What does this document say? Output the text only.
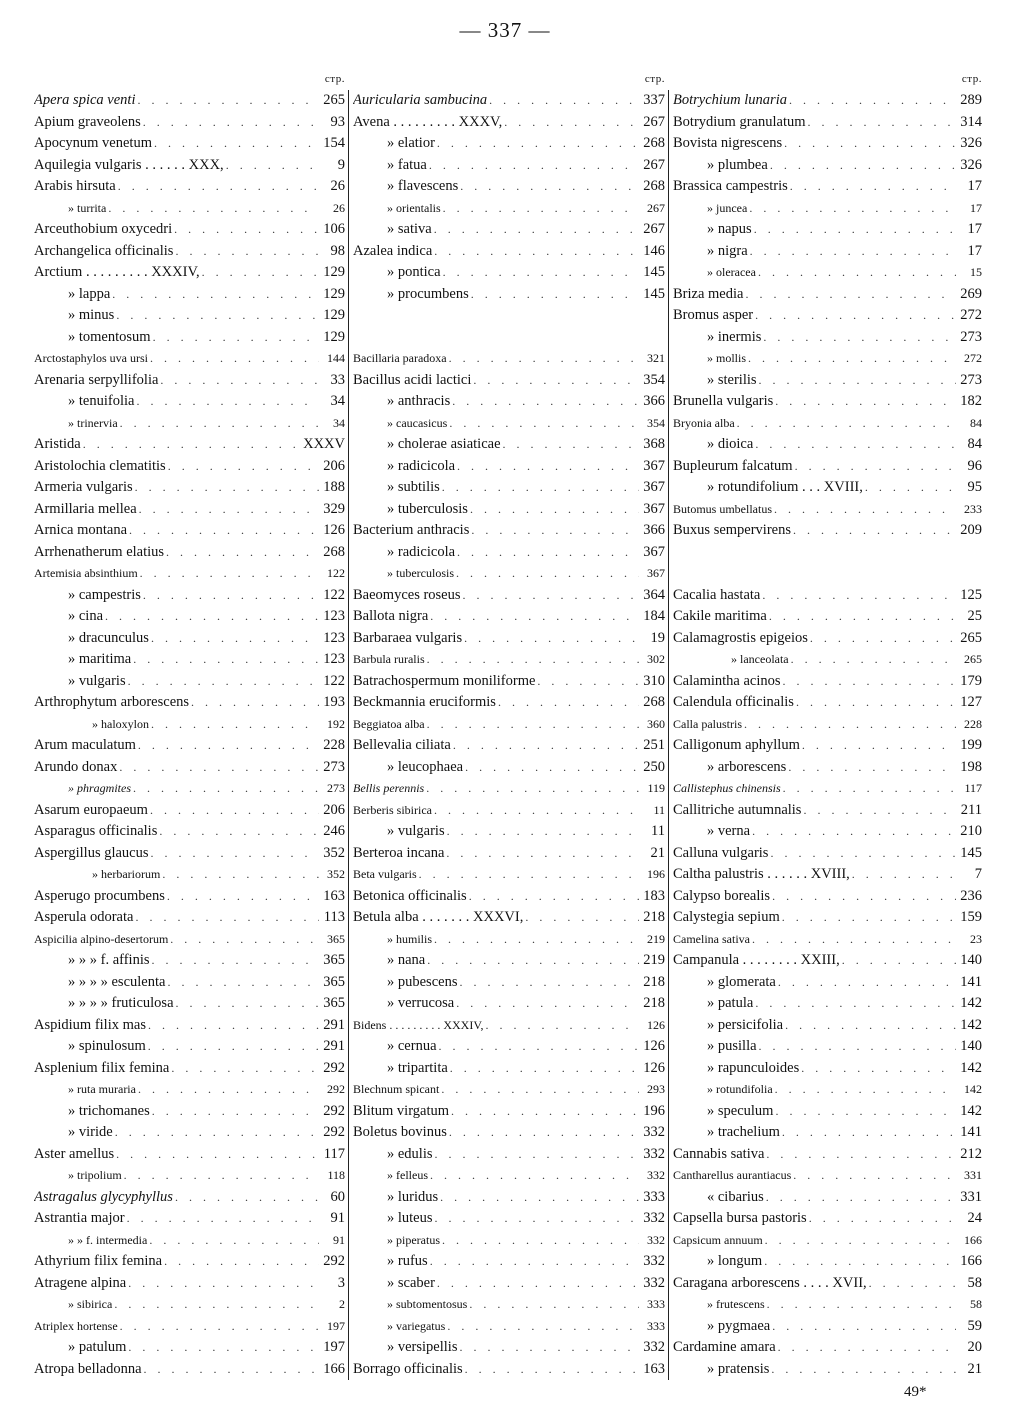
— 337 —
стр.
Apera spica venti . . .	265
Apium graveolens . . .	93
Apocynum venetum . . .	154
Aquilegia vulgaris . . . . . . XXX, . . .	9
Arabis hirsuta . . .	26
» turrita . . .	26
Arceuthobium oxycedri . . .	106
Archangelica officinalis . . .	98
Arctium . . . . . . . . . XXXIV, . . .	129
» lappa . . .	129
» minus . . .	129
» tomentosum . . .	129
Arctostaphylos uva ursi . . .	144
Arenaria serpyllifolia . . .	33
» tenuifolia . . .	34
» trinervia . . .	34
Aristida . . .	XXXV
Aristolochia clematitis . . .	206
Armeria vulgaris . . .	188
Armillaria mellea . . .	329
Arnica montana . . .	126
Arrhenatherum elatius . . .	268
Artemisia absinthium . . .	122
» campestris . . .	122
» cina . . .	123
» dracunculus . . .	123
» maritima . . .	123
» vulgaris . . .	122
Arthrophytum arborescens . . .	193
» haloxylon . . .	192
Arum maculatum . . .	228
Arundo donax . . .	273
» phragmites . . .	273
Asarum europaeum . . .	206
Asparagus officinalis . . .	246
Aspergillus glaucus . . .	352
» herbariorum . . .	352
Asperugo procumbens . . .	163
Asperula odorata . . .	113
Aspicilia alpino-desertorum . . .	365
» » » f. affinis . . .	365
» » » » esculenta . . .	365
» » » » fruticulosa . . .	365
Aspidium filix mas . . .	291
» spinulosum . . .	291
Asplenium filix femina . . .	292
» ruta muraria . . .	292
» trichomanes . . .	292
» viride . . .	292
Aster amellus . . .	117
» tripolium . . .	118
Astragalus glycyphyllus . . .	60
Astrantia major . . .	91
» » f. intermedia . . .	91
Athyrium filix femina . . .	292
Atragene alpina . . .	3
» sibirica . . .	2
Atriplex hortense . . .	197
» patulum . . .	197
Atropa belladonna . . .	166
стр.
Auricularia sambucina . . .	337
Avena . . . . . . . . . XXXV, . . .	267
» elatior . . .	268
» fatua . . .	267
» flavescens . . .	268
» orientalis . . .	267
» sativa . . .	267
Azalea indica . . .	146
» pontica . . .	145
» procumbens . . .	145
Bacillaria paradoxa . . .	321
Bacillus acidi lactici . . .	354
» anthracis . . .	366
» caucasicus . . .	354
» cholerae asiaticae . . .	368
» radicicola . . .	367
» subtilis . . .	367
» tuberculosis . . .	367
Bacterium anthracis . . .	366
» radicicola . . .	367
» tuberculosis . . .	367
Baeomyces roseus . . .	364
Ballota nigra . . .	184
Barbaraea vulgaris . . .	19
Barbula ruralis . . .	302
Batrachospermum moniliforme . . .	310
Beckmannia eruciformis . . .	268
Beggiatoa alba . . .	360
Bellevalia ciliata . . .	251
» leucophaea . . .	250
Bellis perennis . . .	119
Berberis sibirica . . .	11
» vulgaris . . .	11
Berteroa incana . . .	21
Beta vulgaris . . .	196
Betonica officinalis . . .	183
Betula alba . . . . . . . XXXVI, . . .	218
» humilis . . .	219
» nana . . .	219
» pubescens . . .	218
» verrucosa . . .	218
Bidens . . . . . . . . . XXXIV, . . .	126
» cernua . . .	126
» tripartita . . .	126
Blechnum spicant . . .	293
Blitum virgatum . . .	196
Boletus bovinus . . .	332
» edulis . . .	332
» felleus . . .	332
» luridus . . .	333
» luteus . . .	332
» piperatus . . .	332
» rufus . . .	332
» scaber . . .	332
» subtomentosus . . .	333
» variegatus . . .	333
» versipellis . . .	332
Borrago officinalis . . .	163
стр.
Botrychium lunaria . . .	289
Botrydium granulatum . . .	314
Bovista nigrescens . . .	326
» plumbea . . .	326
Brassica campestris . . .	17
» juncea . . .	17
» napus . . .	17
» nigra . . .	17
» oleracea . . .	15
Briza media . . .	269
Bromus asper . . .	272
» inermis . . .	273
» mollis . . .	272
» sterilis . . .	273
Brunella vulgaris . . .	182
Bryonia alba . . .	84
» dioica . . .	84
Bupleurum falcatum . . .	96
» rotundifolium . . . XVIII, . . .	95
Butomus umbellatus . . .	233
Buxus sempervirens . . .	209
Cacalia hastata . . .	125
Cakile maritima . . .	25
Calamagrostis epigeios . . .	265
» lanceolata . . .	265
Calamintha acinos . . .	179
Calendula officinalis . . .	127
Calla palustris . . .	228
Calligonum aphyllum . . .	199
» arborescens . . .	198
Callistephus chinensis . . .	117
Callitriche autumnalis . . .	211
» verna . . .	210
Calluna vulgaris . . .	145
Caltha palustris . . . . . . XVIII, . . .	7
Calypso borealis . . .	236
Calystegia sepium . . .	159
Camelina sativa . . .	23
Campanula . . . . . . . . XXIII, . . .	140
» glomerata . . .	141
» patula . . .	142
» persicifolia . . .	142
» pusilla . . .	140
» rapunculoides . . .	142
» rotundifolia . . .	142
» speculum . . .	142
» trachelium . . .	141
Cannabis sativa . . .	212
Cantharellus aurantiacus . . .	331
« cibarius . . .	331
Capsella bursa pastoris . . .	24
Capsicum annuum . . .	166
» longum . . .	166
Caragana arborescens . . . . XVII, . . .	58
» frutescens . . .	58
» pygmaea . . .	59
Cardamine amara . . .	20
» pratensis . . .	21
49*
